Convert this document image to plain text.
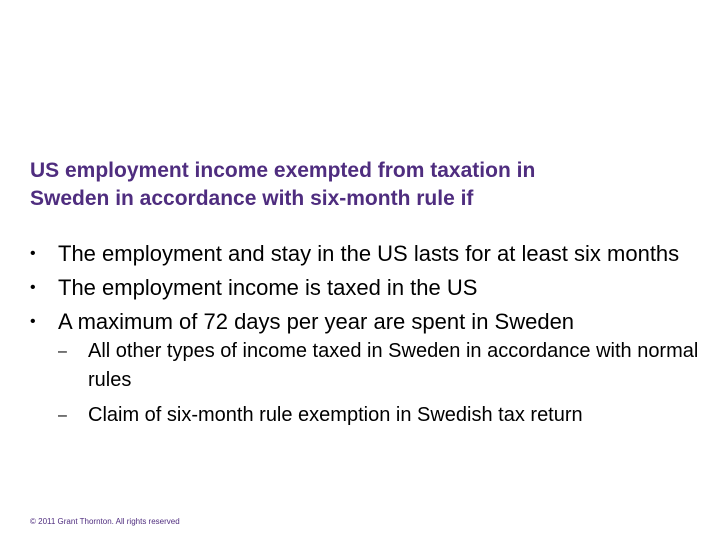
US employment income exempted from taxation in
Sweden in accordance with six-month rule if
•	The employment and stay in the US lasts for at least six months
•	The employment income is taxed in the US
•	A maximum of 72 days per year are spent in Sweden
–	All other types of income taxed in Sweden in accordance with normal rules
–	Claim of six-month rule exemption in Swedish tax return
© 2011 Grant Thornton. All rights reserved
